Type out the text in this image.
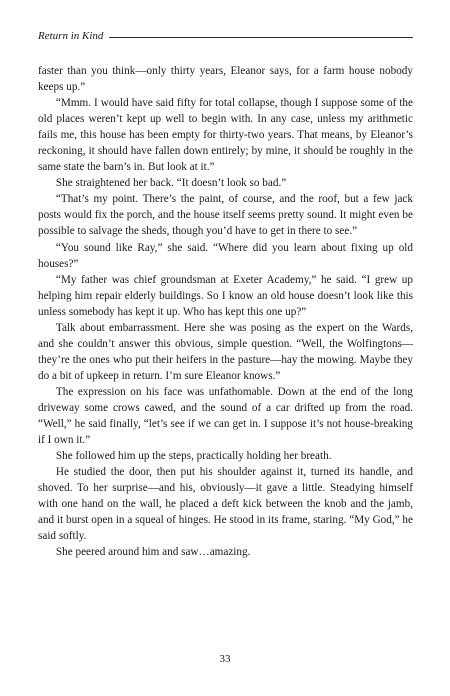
Return in Kind

faster than you think—only thirty years, Eleanor says, for a farm house nobody keeps up.”

“Mmm. I would have said fifty for total collapse, though I suppose some of the old places weren’t kept up well to begin with. In any case, unless my arithmetic fails me, this house has been empty for thirty-two years. That means, by Eleanor’s reckoning, it should have fallen down entirely; by mine, it should be roughly in the same state the barn’s in. But look at it.”

She straightened her back. “It doesn’t look so bad.”

“That’s my point. There’s the paint, of course, and the roof, but a few jack posts would fix the porch, and the house itself seems pretty sound. It might even be possible to salvage the sheds, though you’d have to get in there to see.”

“You sound like Ray,” she said. “Where did you learn about fixing up old houses?”

“My father was chief groundsman at Exeter Academy,” he said. “I grew up helping him repair elderly buildings. So I know an old house doesn’t look like this unless somebody has kept it up. Who has kept this one up?”

Talk about embarrassment. Here she was posing as the expert on the Wards, and she couldn’t answer this obvious, simple question. “Well, the Wolfingtons—they’re the ones who put their heifers in the pasture—hay the mowing. Maybe they do a bit of upkeep in return. I’m sure Eleanor knows.”

The expression on his face was unfathomable. Down at the end of the long driveway some crows cawed, and the sound of a car drifted up from the road. “Well,” he said finally, “let’s see if we can get in. I suppose it’s not house-breaking if I own it.”

She followed him up the steps, practically holding her breath.

He studied the door, then put his shoulder against it, turned its handle, and shoved. To her surprise—and his, obviously—it gave a little. Steadying himself with one hand on the wall, he placed a deft kick between the knob and the jamb, and it burst open in a squeal of hinges. He stood in its frame, staring. “My God,” he said softly.

She peered around him and saw…amazing.

33
